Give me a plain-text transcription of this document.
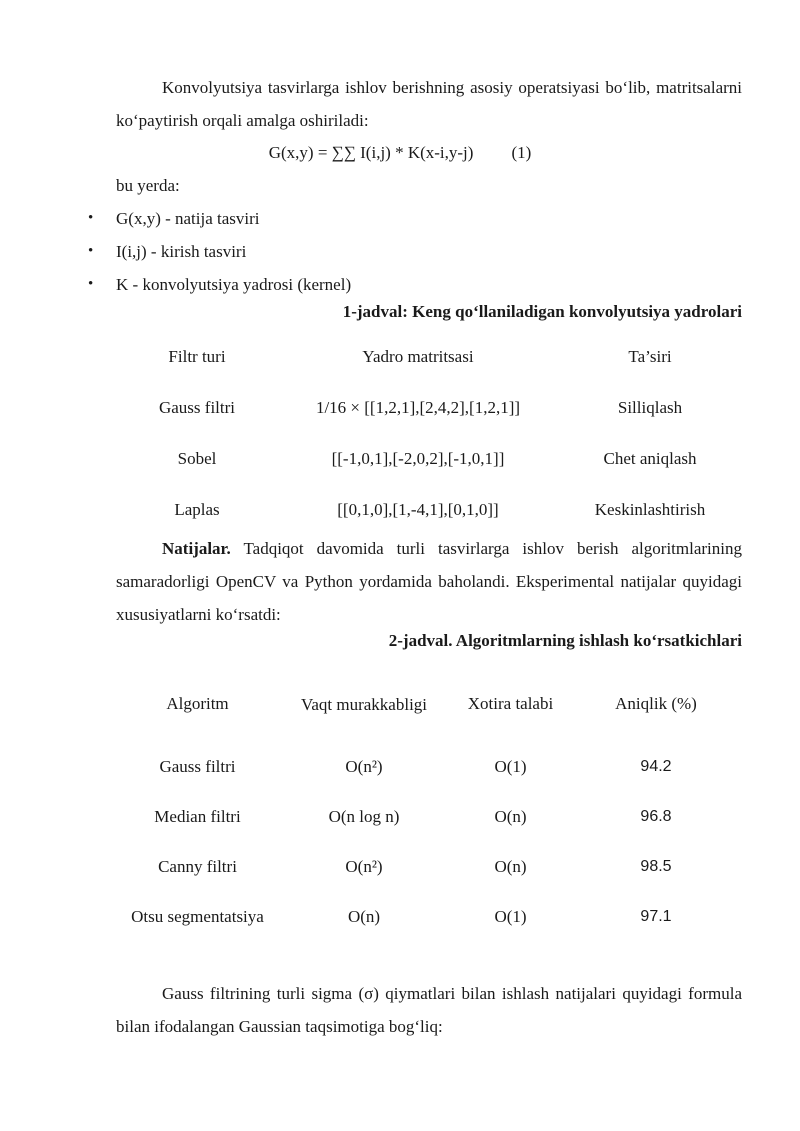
Konvolyutsiya tasvirlarga ishlov berishning asosiy operatsiyasi bo‘lib, matritsalarni ko‘paytirish orqali amalga oshiriladi:

G(x,y) = ∑∑ I(i,j) * K(x-i,y-j) (1)

bu yerda:

• G(x,y) - natija tasviri
• I(i,j) - kirish tasviri
• K - konvolyutsiya yadrosi (kernel)
1-jadval: Keng qo‘llaniladigan konvolyutsiya yadrolari
Filtr turi	Yadro matritsasi	Ta’siri
Gauss filtri	1/16 × [[1,2,1],[2,4,2],[1,2,1]]	Silliqlash
Sobel	[[-1,0,1],[-2,0,2],[-1,0,1]]	Chet aniqlash
Laplas	[[0,1,0],[1,-4,1],[0,1,0]]	Keskinlashtirish

Natijalar. Tadqiqot davomida turli tasvirlarga ishlov berish algoritmlarining samaradorligi OpenCV va Python yordamida baholandi. Eksperimental natijalar quyidagi xususiyatlarni ko‘rsatdi:

2-jadval. Algoritmlarning ishlash ko‘rsatkichlari
Algoritm	Vaqt murakkabligi	Xotira talabi	Aniqlik (%)
Gauss filtri	O(n²)	O(1)	94.2
Median filtri	O(n log n)	O(n)	96.8
Canny filtri	O(n²)	O(n)	98.5
Otsu segmentatsiya	O(n)	O(1)	97.1

Gauss filtrining turli sigma (σ) qiymatlari bilan ishlash natijalari quyidagi formula bilan ifodalangan Gaussian taqsimotiga bog‘liq:
